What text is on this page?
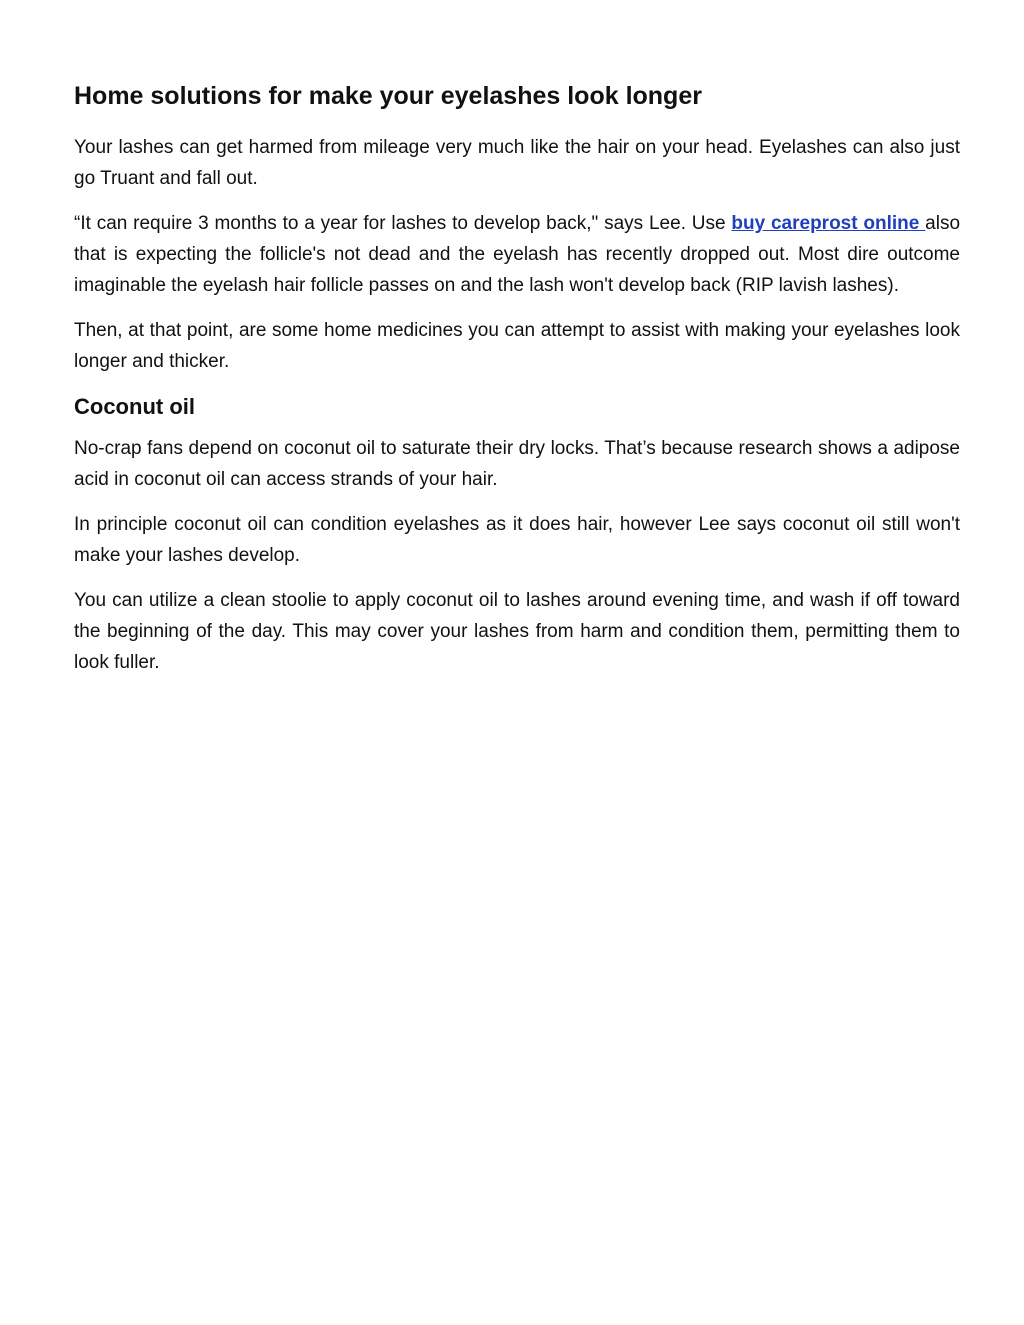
Home solutions for make your eyelashes look longer

Your lashes can get harmed from mileage very much like the hair on your head. Eyelashes can also just go Truant and fall out.

“It can require 3 months to a year for lashes to develop back," says Lee. Use buy careprost online also that is expecting the follicle's not dead and the eyelash has recently dropped out. Most dire outcome imaginable the eyelash hair follicle passes on and the lash won't develop back (RIP lavish lashes).

Then, at that point, are some home medicines you can attempt to assist with making your eyelashes look longer and thicker.

Coconut oil

No-crap fans depend on coconut oil to saturate their dry locks. That’s because research shows a adipose acid in coconut oil can access strands of your hair.

In principle coconut oil can condition eyelashes as it does hair, however Lee says coconut oil still won't make your lashes develop.

You can utilize a clean stoolie to apply coconut oil to lashes around evening time, and wash if off toward the beginning of the day. This may cover your lashes from harm and condition them, permitting them to look fuller.
